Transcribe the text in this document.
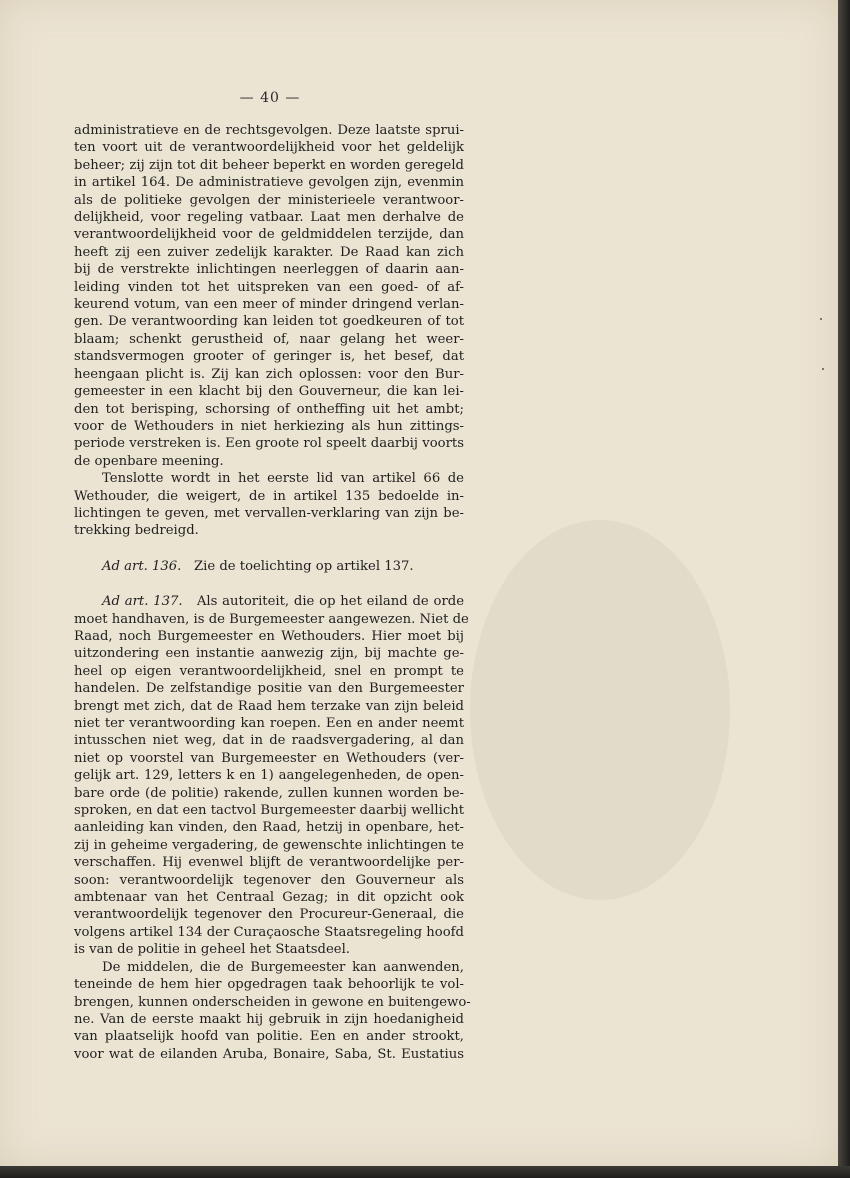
— 40 —
administratieve en de rechtsgevolgen. Deze laatste sprui-
ten voort uit de verantwoordelijkheid voor het geldelijk
beheer; zij zijn tot dit beheer beperkt en worden geregeld
in artikel 164. De administratieve gevolgen zijn, evenmin
als de politieke gevolgen der ministerieele verantwoor-
delijkheid, voor regeling vatbaar. Laat men derhalve de
verantwoordelijkheid voor de geldmiddelen terzijde, dan
heeft zij een zuiver zedelijk karakter. De Raad kan zich
bij de verstrekte inlichtingen neerleggen of daarin aan-
leiding vinden tot het uitspreken van een goed- of af-
keurend votum, van een meer of minder dringend verlan-
gen. De verantwoording kan leiden tot goedkeuren of tot
blaam; schenkt gerustheid of, naar gelang het weer-
standsvermogen grooter of geringer is, het besef, dat
heengaan plicht is. Zij kan zich oplossen: voor den Bur-
gemeester in een klacht bij den Gouverneur, die kan lei-
den tot berisping, schorsing of ontheffing uit het ambt;
voor de Wethouders in niet herkiezing als hun zittings-
periode verstreken is. Een groote rol speelt daarbij voorts
de openbare meening.
Tenslotte wordt in het eerste lid van artikel 66 de
Wethouder, die weigert, de in artikel 135 bedoelde in-
lichtingen te geven, met vervallen-verklaring van zijn be-
trekking bedreigd.
Ad art. 136. Zie de toelichting op artikel 137.
Ad art. 137. Als autoriteit, die op het eiland de orde
moet handhaven, is de Burgemeester aangewezen. Niet de
Raad, noch Burgemeester en Wethouders. Hier moet bij
uitzondering een instantie aanwezig zijn, bij machte ge-
heel op eigen verantwoordelijkheid, snel en prompt te
handelen. De zelfstandige positie van den Burgemeester
brengt met zich, dat de Raad hem terzake van zijn beleid
niet ter verantwoording kan roepen. Een en ander neemt
intusschen niet weg, dat in de raadsvergadering, al dan
niet op voorstel van Burgemeester en Wethouders (ver-
gelijk art. 129, letters k en 1) aangelegenheden, de open-
bare orde (de politie) rakende, zullen kunnen worden be-
sproken, en dat een tactvol Burgemeester daarbij wellicht
aanleiding kan vinden, den Raad, hetzij in openbare, het-
zij in geheime vergadering, de gewenschte inlichtingen te
verschaffen. Hij evenwel blijft de verantwoordelijke per-
soon: verantwoordelijk tegenover den Gouverneur als
ambtenaar van het Centraal Gezag; in dit opzicht ook
verantwoordelijk tegenover den Procureur-Generaal, die
volgens artikel 134 der Curaçaosche Staatsregeling hoofd
is van de politie in geheel het Staatsdeel.
De middelen, die de Burgemeester kan aanwenden,
teneinde de hem hier opgedragen taak behoorlijk te vol-
brengen, kunnen onderscheiden in gewone en buitengewo-
ne. Van de eerste maakt hij gebruik in zijn hoedanigheid
van plaatselijk hoofd van politie. Een en ander strookt,
voor wat de eilanden Aruba, Bonaire, Saba, St. Eustatius
